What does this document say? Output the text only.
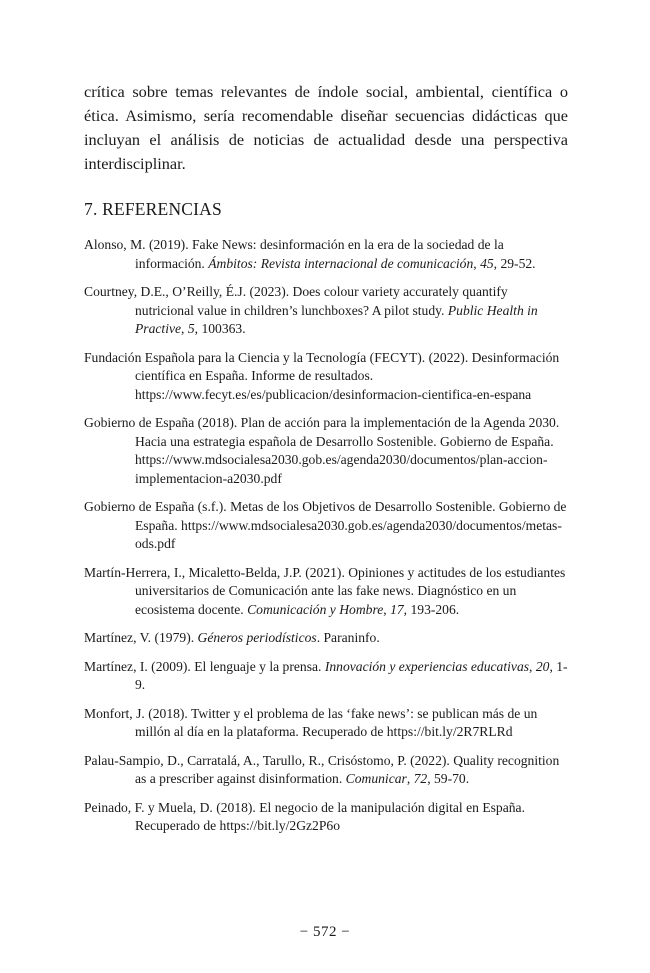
crítica sobre temas relevantes de índole social, ambiental, científica o ética. Asimismo, sería recomendable diseñar secuencias didácticas que incluyan el análisis de noticias de actualidad desde una perspectiva interdisciplinar.

7. REFERENCIAS

Alonso, M. (2019). Fake News: desinformación en la era de la sociedad de la información. Ámbitos: Revista internacional de comunicación, 45, 29-52.

Courtney, D.E., O’Reilly, É.J. (2023). Does colour variety accurately quantify nutricional value in children’s lunchboxes? A pilot study. Public Health in Practive, 5, 100363.

Fundación Española para la Ciencia y la Tecnología (FECYT). (2022). Desinformación científica en España. Informe de resultados. https://www.fecyt.es/es/publicacion/desinformacion-cientifica-en-espana

Gobierno de España (2018). Plan de acción para la implementación de la Agenda 2030. Hacia una estrategia española de Desarrollo Sostenible. Gobierno de España. https://www.mdsocialesa2030.gob.es/agenda2030/documentos/plan-accion-implementacion-a2030.pdf

Gobierno de España (s.f.). Metas de los Objetivos de Desarrollo Sostenible. Gobierno de España. https://www.mdsocialesa2030.gob.es/agenda2030/documentos/metas-ods.pdf

Martín-Herrera, I., Micaletto-Belda, J.P. (2021). Opiniones y actitudes de los estudiantes universitarios de Comunicación ante las fake news. Diagnóstico en un ecosistema docente. Comunicación y Hombre, 17, 193-206.

Martínez, V. (1979). Géneros periodísticos. Paraninfo.

Martínez, I. (2009). El lenguaje y la prensa. Innovación y experiencias educativas, 20, 1-9.

Monfort, J. (2018). Twitter y el problema de las ‘fake news’: se publican más de un millón al día en la plataforma. Recuperado de https://bit.ly/2R7RLRd

Palau-Sampio, D., Carratalá, A., Tarullo, R., Crisóstomo, P. (2022). Quality recognition as a prescriber against disinformation. Comunicar, 72, 59-70.

Peinado, F. y Muela, D. (2018). El negocio de la manipulación digital en España. Recuperado de https://bit.ly/2Gz2P6o

− 572 −
